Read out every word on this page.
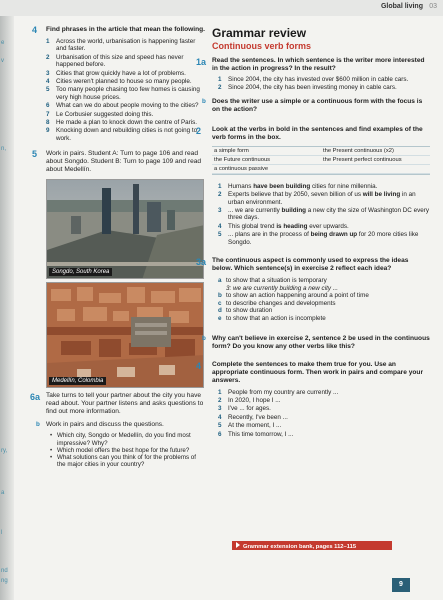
e
v
n,
ry,
a
l
nd
ng
Global living 03
4 Find phrases in the article that mean the following.
1 Across the world, urbanisation is happening faster and faster.
2 Urbanisation of this size and speed has never happened before.
3 Cities that grow quickly have a lot of problems.
4 Cities weren't planned to house so many people.
5 Too many people chasing too few homes is causing very high house prices.
6 What can we do about people moving to the cities?
7 Le Corbusier suggested doing this.
8 He made a plan to knock down the centre of Paris.
9 Knocking down and rebuilding cities is not going to work.
5 Work in pairs. Student A: Turn to page 106 and read about Songdo. Student B: Turn to page 109 and read about Medellín.
Songdo, South Korea
Medellín, Colombia
6a Take turns to tell your partner about the city you have read about. Your partner listens and asks questions to find out more information.
b Work in pairs and discuss the questions.
• Which city, Songdo or Medellín, do you find most impressive? Why?
• Which model offers the best hope for the future?
• What solutions can you think of for the problems of the major cities in your country?
Grammar review
Continuous verb forms
1a Read the sentences. In which sentence is the writer more interested in the action in progress? In the result?
1 Since 2004, the city has invested over $600 million in cable cars.
2 Since 2004, the city has been investing money in cable cars.
b Does the writer use a simple or a continuous form with the focus is on the action?
2 Look at the verbs in bold in the sentences and find examples of the verb forms in the box.
a simple form	the Present continuous (x2)
the Future continuous	the Present perfect continuous
a continuous passive
1 Humans have been building cities for nine millennia.
2 Experts believe that by 2050, seven billion of us will be living in an urban environment.
3 ... we are currently building a new city the size of Washington DC every three days.
4 This global trend is heading ever upwards.
5 ... plans are in the process of being drawn up for 20 more cities like Songdo.
3a The continuous aspect is commonly used to express the ideas below. Which sentence(s) in exercise 2 reflect each idea?
a to show that a situation is temporary
3: we are currently building a new city ...
b to show an action happening around a point of time
c to describe changes and developments
d to show duration
e to show that an action is incomplete
b Why can't believe in exercise 2, sentence 2 be used in the continuous form? Do you know any other verbs like this?
4 Complete the sentences to make them true for you. Use an appropriate continuous form. Then work in pairs and compare your answers.
1 People from my country are currently ...
2 In 2020, I hope I ...
3 I've ... for ages.
4 Recently, I've been ...
5 At the moment, I ...
6 This time tomorrow, I ...
Grammar extension bank, pages 112–115
9
